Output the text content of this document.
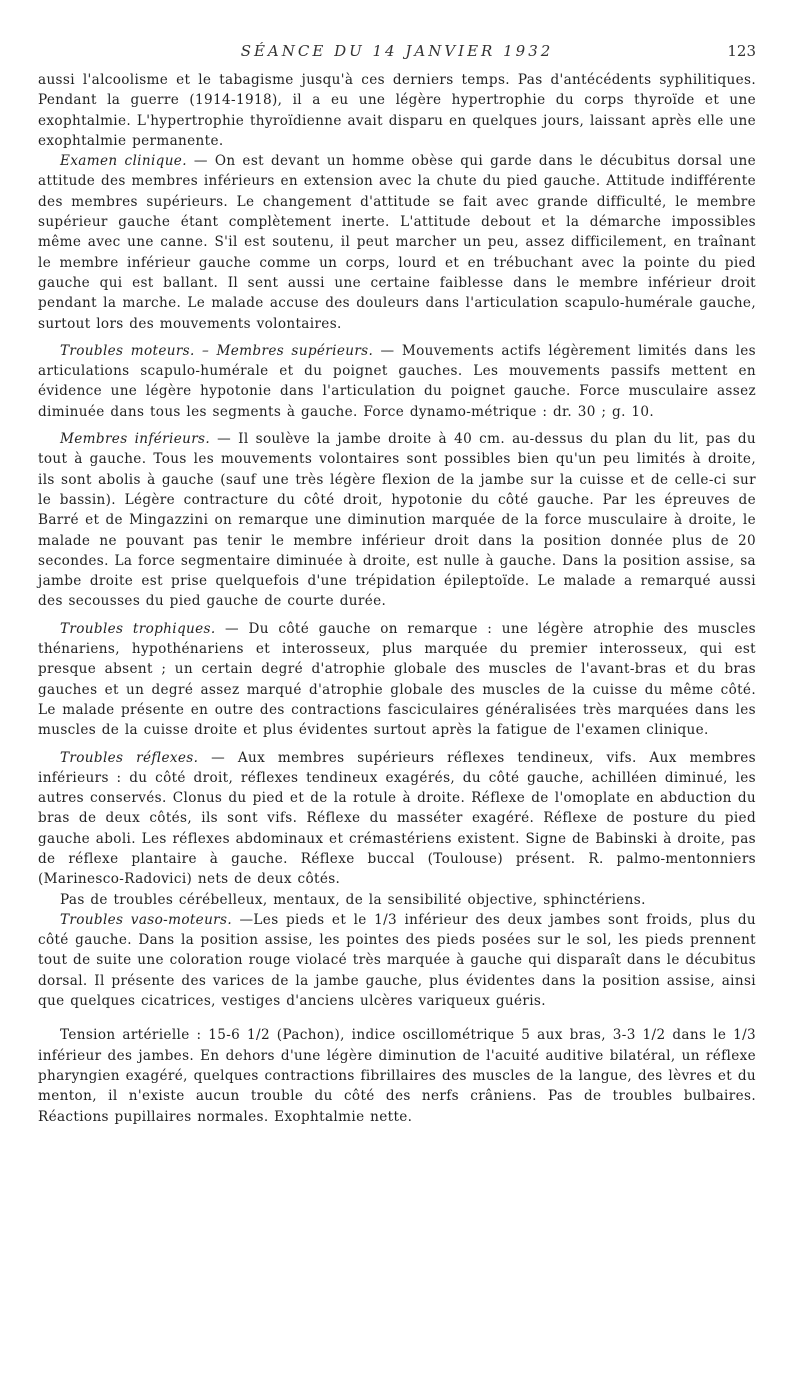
SÉANCE DU 14 JANVIER 1932	123

aussi l'alcoolisme et le tabagisme jusqu'à ces derniers temps. Pas d'antécédents syphilitiques. Pendant la guerre (1914-1918), il a eu une légère hypertrophie du corps thyroïde et une exophtalmie. L'hypertrophie thyroïdienne avait disparu en quelques jours, laissant après elle une exophtalmie permanente.

Examen clinique. — On est devant un homme obèse qui garde dans le décubitus dorsal une attitude des membres inférieurs en extension avec la chute du pied gauche. Attitude indifférente des membres supérieurs. Le changement d'attitude se fait avec grande difficulté, le membre supérieur gauche étant complètement inerte. L'attitude debout et la démarche impossibles même avec une canne. S'il est soutenu, il peut marcher un peu, assez difficilement, en traînant le membre inférieur gauche comme un corps, lourd et en trébuchant avec la pointe du pied gauche qui est ballant. Il sent aussi une certaine faiblesse dans le membre inférieur droit pendant la marche. Le malade accuse des douleurs dans l'articulation scapulo-humérale gauche, surtout lors des mouvements volontaires.

Troubles moteurs. – Membres supérieurs. — Mouvements actifs légèrement limités dans les articulations scapulo-humérale et du poignet gauches. Les mouvements passifs mettent en évidence une légère hypotonie dans l'articulation du poignet gauche. Force musculaire assez diminuée dans tous les segments à gauche. Force dynamo-métrique : dr. 30 ; g. 10.

Membres inférieurs. — Il soulève la jambe droite à 40 cm. au-dessus du plan du lit, pas du tout à gauche. Tous les mouvements volontaires sont possibles bien qu'un peu limités à droite, ils sont abolis à gauche (sauf une très légère flexion de la jambe sur la cuisse et de celle-ci sur le bassin). Légère contracture du côté droit, hypotonie du côté gauche. Par les épreuves de Barré et de Mingazzini on remarque une diminution marquée de la force musculaire à droite, le malade ne pouvant pas tenir le membre inférieur droit dans la position donnée plus de 20 secondes. La force segmentaire diminuée à droite, est nulle à gauche. Dans la position assise, sa jambe droite est prise quelquefois d'une trépidation épileptoïde. Le malade a remarqué aussi des secousses du pied gauche de courte durée.

Troubles trophiques. — Du côté gauche on remarque : une légère atrophie des muscles thénariens, hypothénariens et interosseux, plus marquée du premier interosseux, qui est presque absent ; un certain degré d'atrophie globale des muscles de l'avant-bras et du bras gauches et un degré assez marqué d'atrophie globale des muscles de la cuisse du même côté. Le malade présente en outre des contractions fasciculaires généralisées très marquées dans les muscles de la cuisse droite et plus évidentes surtout après la fatigue de l'examen clinique.

Troubles réflexes. — Aux membres supérieurs réflexes tendineux, vifs. Aux membres inférieurs : du côté droit, réflexes tendineux exagérés, du côté gauche, achilléen diminué, les autres conservés. Clonus du pied et de la rotule à droite. Réflexe de l'omoplate en abduction du bras de deux côtés, ils sont vifs. Réflexe du masséter exagéré. Réflexe de posture du pied gauche aboli. Les réflexes abdominaux et crémastériens existent. Signe de Babinski à droite, pas de réflexe plantaire à gauche. Réflexe buccal (Toulouse) présent. R. palmo-mentonniers (Marinesco-Radovici) nets de deux côtés.

Pas de troubles cérébelleux, mentaux, de la sensibilité objective, sphinctériens.

Troubles vaso-moteurs. —Les pieds et le 1/3 inférieur des deux jambes sont froids, plus du côté gauche. Dans la position assise, les pointes des pieds posées sur le sol, les pieds prennent tout de suite une coloration rouge violacé très marquée à gauche qui disparaît dans le décubitus dorsal. Il présente des varices de la jambe gauche, plus évidentes dans la position assise, ainsi que quelques cicatrices, vestiges d'anciens ulcères variqueux guéris.

Tension artérielle : 15-6 1/2 (Pachon), indice oscillométrique 5 aux bras, 3-3 1/2 dans le 1/3 inférieur des jambes. En dehors d'une légère diminution de l'acuité auditive bilatéral, un réflexe pharyngien exagéré, quelques contractions fibrillaires des muscles de la langue, des lèvres et du menton, il n'existe aucun trouble du côté des nerfs crâniens. Pas de troubles bulbaires. Réactions pupillaires normales. Exophtalmie nette.
